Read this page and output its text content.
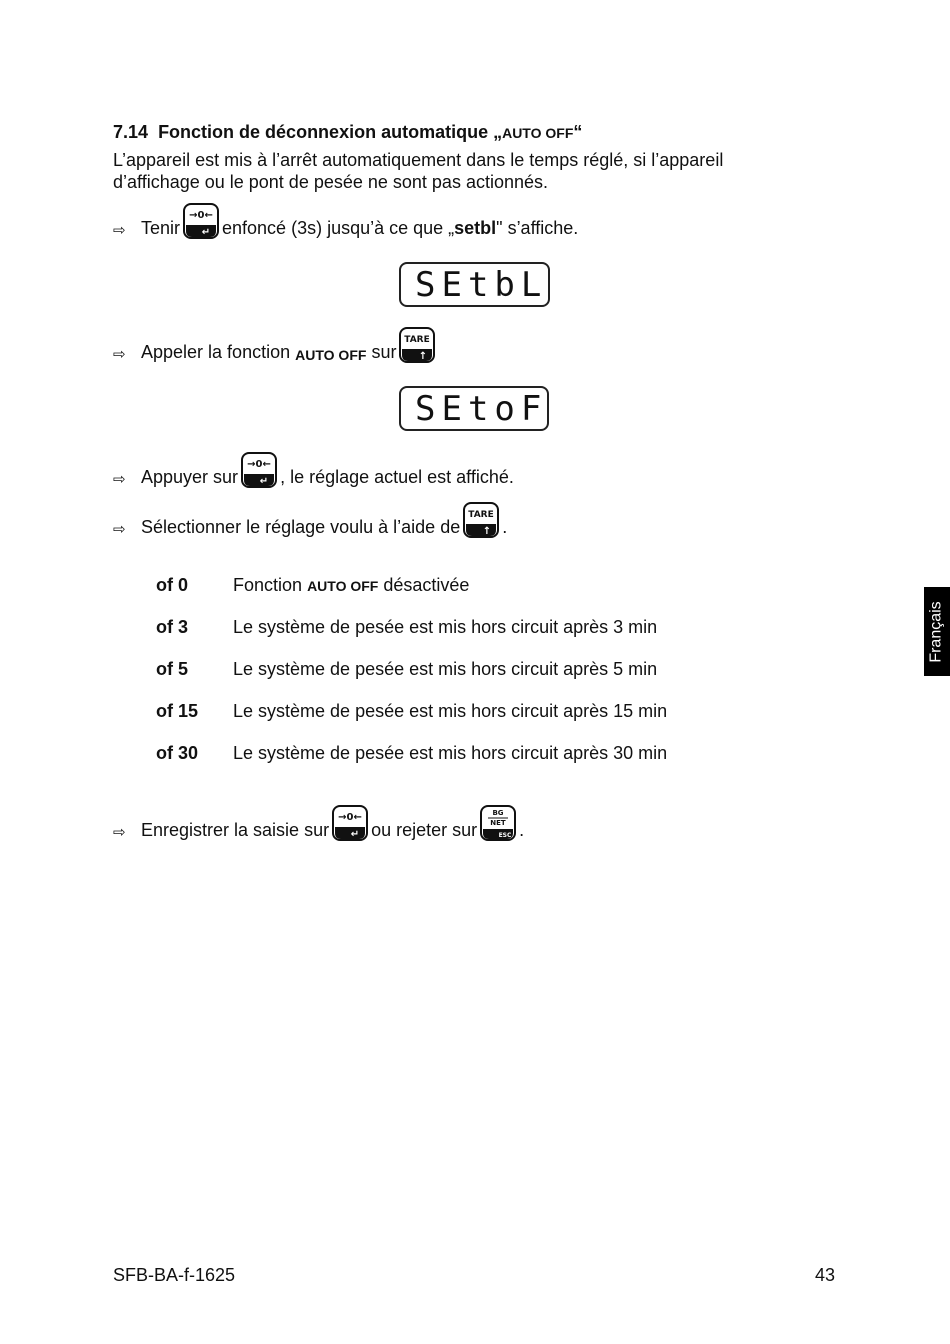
7.14 Fonction de déconnexion automatique „AUTO OFF“
L’appareil est mis à l’arrêt automatiquement dans le temps réglé, si l’appareil d’affichage ou le pont de pesée ne sont pas actionnés.
⇨ Tenir
→0←
↵ enfoncé (3s) jusqu’à ce que „ setbl " s’affiche.
SEtbL
⇨ Appeler la fonction
AUTO OFF
sur
TARE
↑
SEtoF
⇨ Appuyer sur
→0←
↵ , le réglage actuel est affiché.
⇨ Sélectionner le réglage voulu à l’aide de
TARE
↑ .
of 0 Fonction AUTO OFF désactivée
of 3 Le système de pesée est mis hors circuit après 3 min
of 5 Le système de pesée est mis hors circuit après 5 min
of 15 Le système de pesée est mis hors circuit après 15 min
of 30 Le système de pesée est mis hors circuit après 30 min
⇨ Enregistrer la saisie sur
→0←
↵ ou rejeter sur
BG
NET
ESC .
Français
SFB-BA-f-1625	43
